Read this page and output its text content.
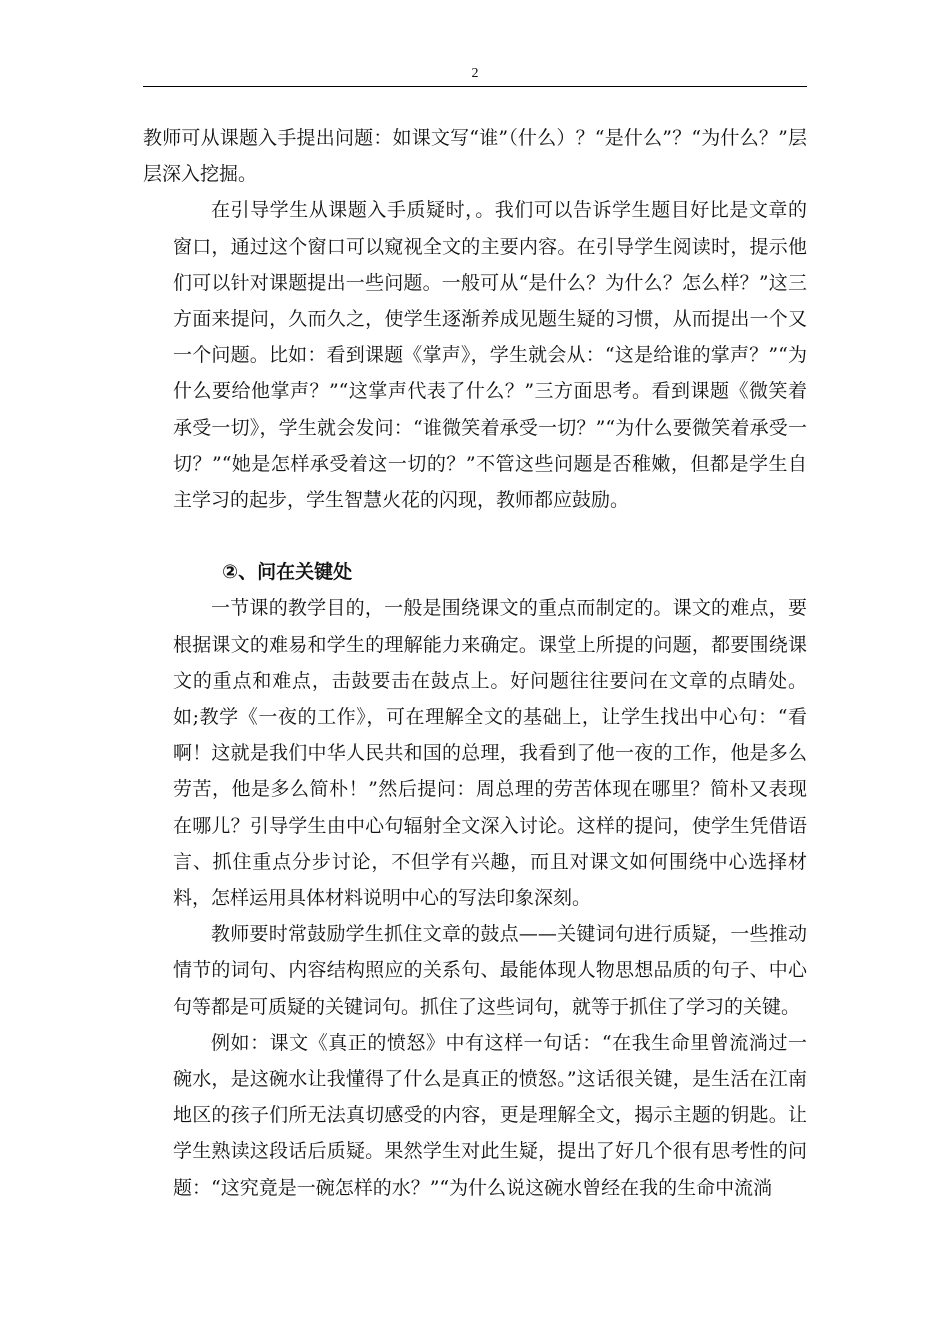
2

教师可从课题入手提出问题：如课文写“谁”（什么）？“是什么”？“为什么？”层层深入挖掘。

在引导学生从课题入手质疑时，。我们可以告诉学生题目好比是文章的窗口，通过这个窗口可以窥视全文的主要内容。在引导学生阅读时，提示他们可以针对课题提出一些问题。一般可从“是什么？为什么？怎么样？”这三方面来提问，久而久之，使学生逐渐养成见题生疑的习惯，从而提出一个又一个问题。比如：看到课题《掌声》，学生就会从：“这是给谁的掌声？”“为什么要给他掌声？”“这掌声代表了什么？”三方面思考。看到课题《微笑着承受一切》，学生就会发问：“谁微笑着承受一切？”“为什么要微笑着承受一切？”“她是怎样承受着这一切的？”不管这些问题是否稚嫩，但都是学生自主学习的起步，学生智慧火花的闪现，教师都应鼓励。

②、问在关键处

一节课的教学目的，一般是围绕课文的重点而制定的。课文的难点，要根据课文的难易和学生的理解能力来确定。课堂上所提的问题，都要围绕课文的重点和难点，击鼓要击在鼓点上。好问题往往要问在文章的点睛处。 如;教学《一夜的工作》，可在理解全文的基础上，让学生找出中心句：“看啊！这就是我们中华人民共和国的总理，我看到了他一夜的工作，他是多么劳苦，他是多么简朴！”然后提问：周总理的劳苦体现在哪里？简朴又表现在哪儿？引导学生由中心句辐射全文深入讨论。这样的提问，使学生凭借语言、抓住重点分步讨论，不但学有兴趣，而且对课文如何围绕中心选择材料，怎样运用具体材料说明中心的写法印象深刻。

教师要时常鼓励学生抓住文章的鼓点——关键词句进行质疑，一些推动情节的词句、内容结构照应的关系句、最能体现人物思想品质的句子、中心句等都是可质疑的关键词句。抓住了这些词句，就等于抓住了学习的关键。

例如：课文《真正的愤怒》中有这样一句话：“在我生命里曾流淌过一碗水，是这碗水让我懂得了什么是真正的愤怒。”这话很关键，是生活在江南地区的孩子们所无法真切感受的内容，更是理解全文，揭示主题的钥匙。让学生熟读这段话后质疑。果然学生对此生疑，提出了好几个很有思考性的问题：“这究竟是一碗怎样的水？”“为什么说这碗水曾经在我的生命中流淌
